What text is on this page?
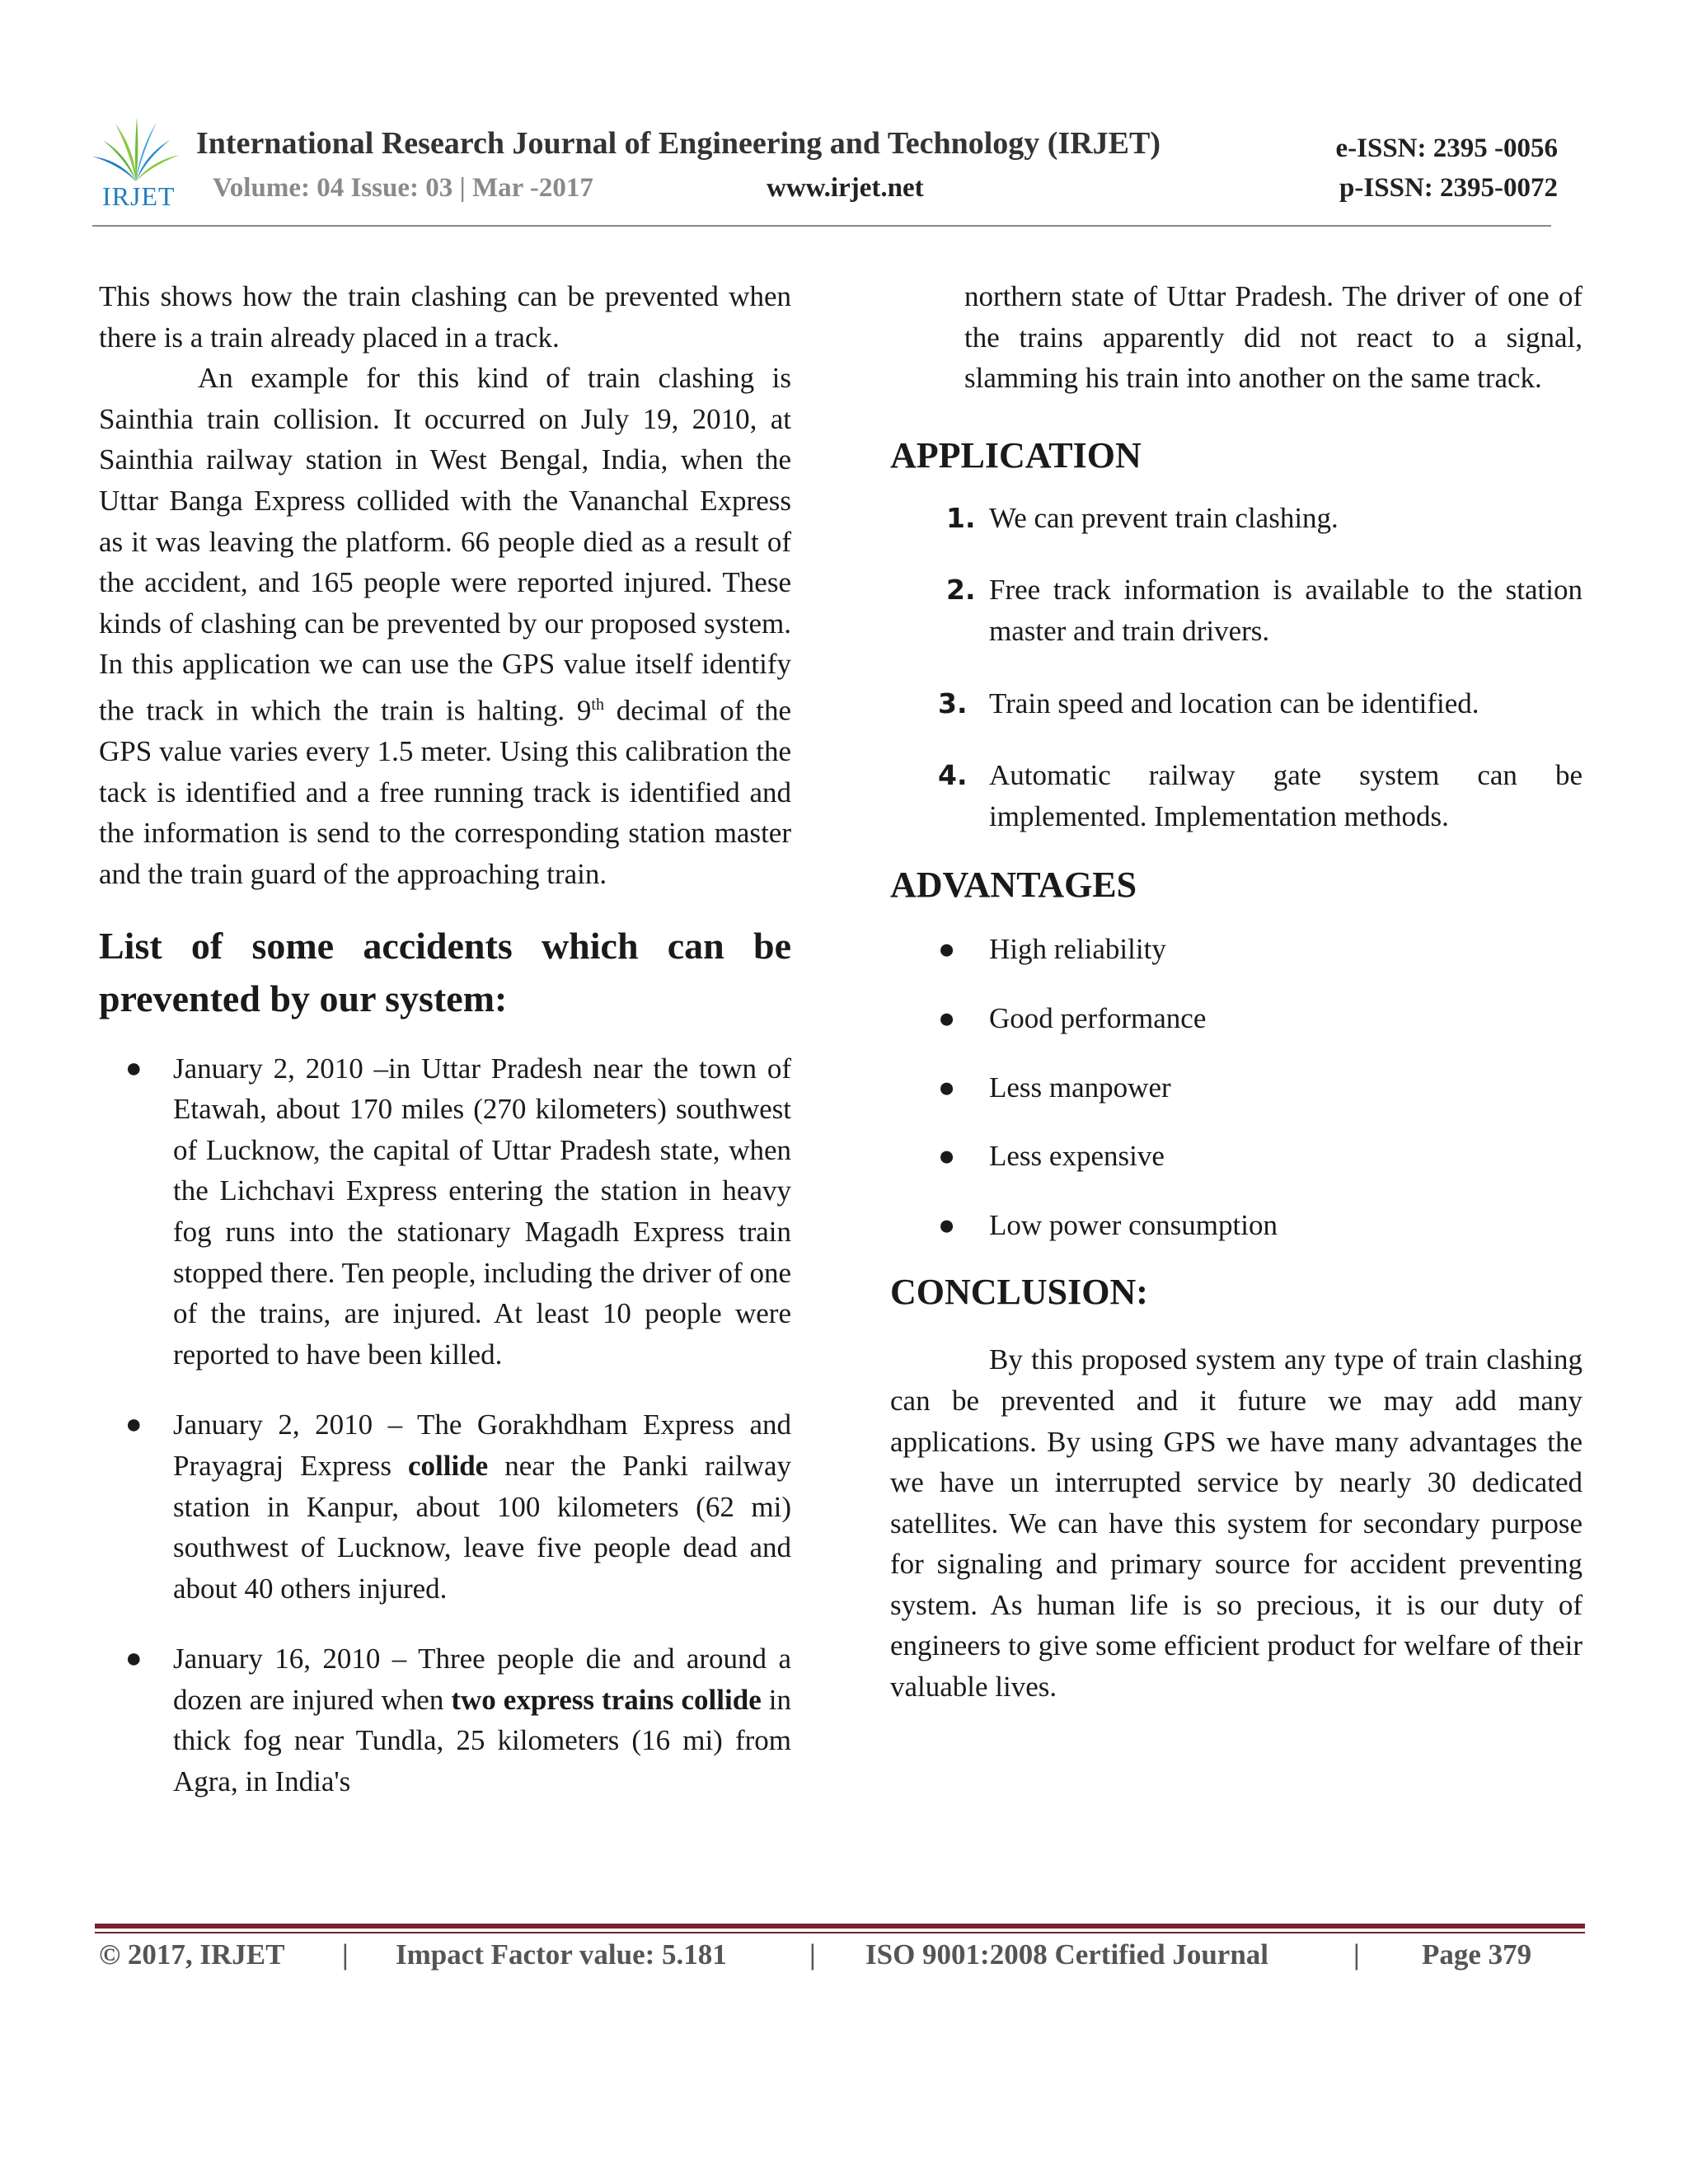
IRJET
International Research Journal of Engineering and Technology (IRJET)	e-ISSN: 2395 -0056
Volume: 04 Issue: 03 | Mar -2017	www.irjet.net	p-ISSN: 2395-0072

This shows how the train clashing can be prevented when there is a train already placed in a track.

An example for this kind of train clashing is Sainthia train collision. It occurred on July 19, 2010, at Sainthia railway station in West Bengal, India, when the Uttar Banga Express collided with the Vananchal Express as it was leaving the platform. 66 people died as a result of the accident, and 165 people were reported injured. These kinds of clashing can be prevented by our proposed system. In this application we can use the GPS value itself identify the track in which the train is halting. 9th decimal of the GPS value varies every 1.5 meter. Using this calibration the tack is identified and a free running track is identified and the information is send to the corresponding station master and the train guard of the approaching train.

List of some accidents which can be prevented by our system:
● January 2, 2010 –in Uttar Pradesh near the town of Etawah, about 170 miles (270 kilometers) southwest of Lucknow, the capital of Uttar Pradesh state, when the Lichchavi Express entering the station in heavy fog runs into the stationary Magadh Express train stopped there. Ten people, including the driver of one of the trains, are injured. At least 10 people were reported to have been killed.
● January 2, 2010 – The Gorakhdham Express and Prayagraj Express collide near the Panki railway station in Kanpur, about 100 kilometers (62 mi) southwest of Lucknow, leave five people dead and about 40 others injured.
● January 16, 2010 – Three people die and around a dozen are injured when two express trains collide in thick fog near Tundla, 25 kilometers (16 mi) from Agra, in India's

northern state of Uttar Pradesh. The driver of one of the trains apparently did not react to a signal, slamming his train into another on the same track.

APPLICATION
1. We can prevent train clashing.
2. Free track information is available to the station master and train drivers.
3. Train speed and location can be identified.
4. Automatic railway gate system can be implemented. Implementation methods.
ADVANTAGES
● High reliability
● Good performance
● Less manpower
● Less expensive
● Low power consumption
CONCLUSION:

By this proposed system any type of train clashing can be prevented and it future we may add many applications. By using GPS we have many advantages the we have un interrupted service by nearly 30 dedicated satellites. We can have this system for secondary purpose for signaling and primary source for accident preventing system. As human life is so precious, it is our duty of engineers to give some efficient product for welfare of their valuable lives.

© 2017, IRJET | Impact Factor value: 5.181	| ISO 9001:2008 Certified Journal	| Page 379
